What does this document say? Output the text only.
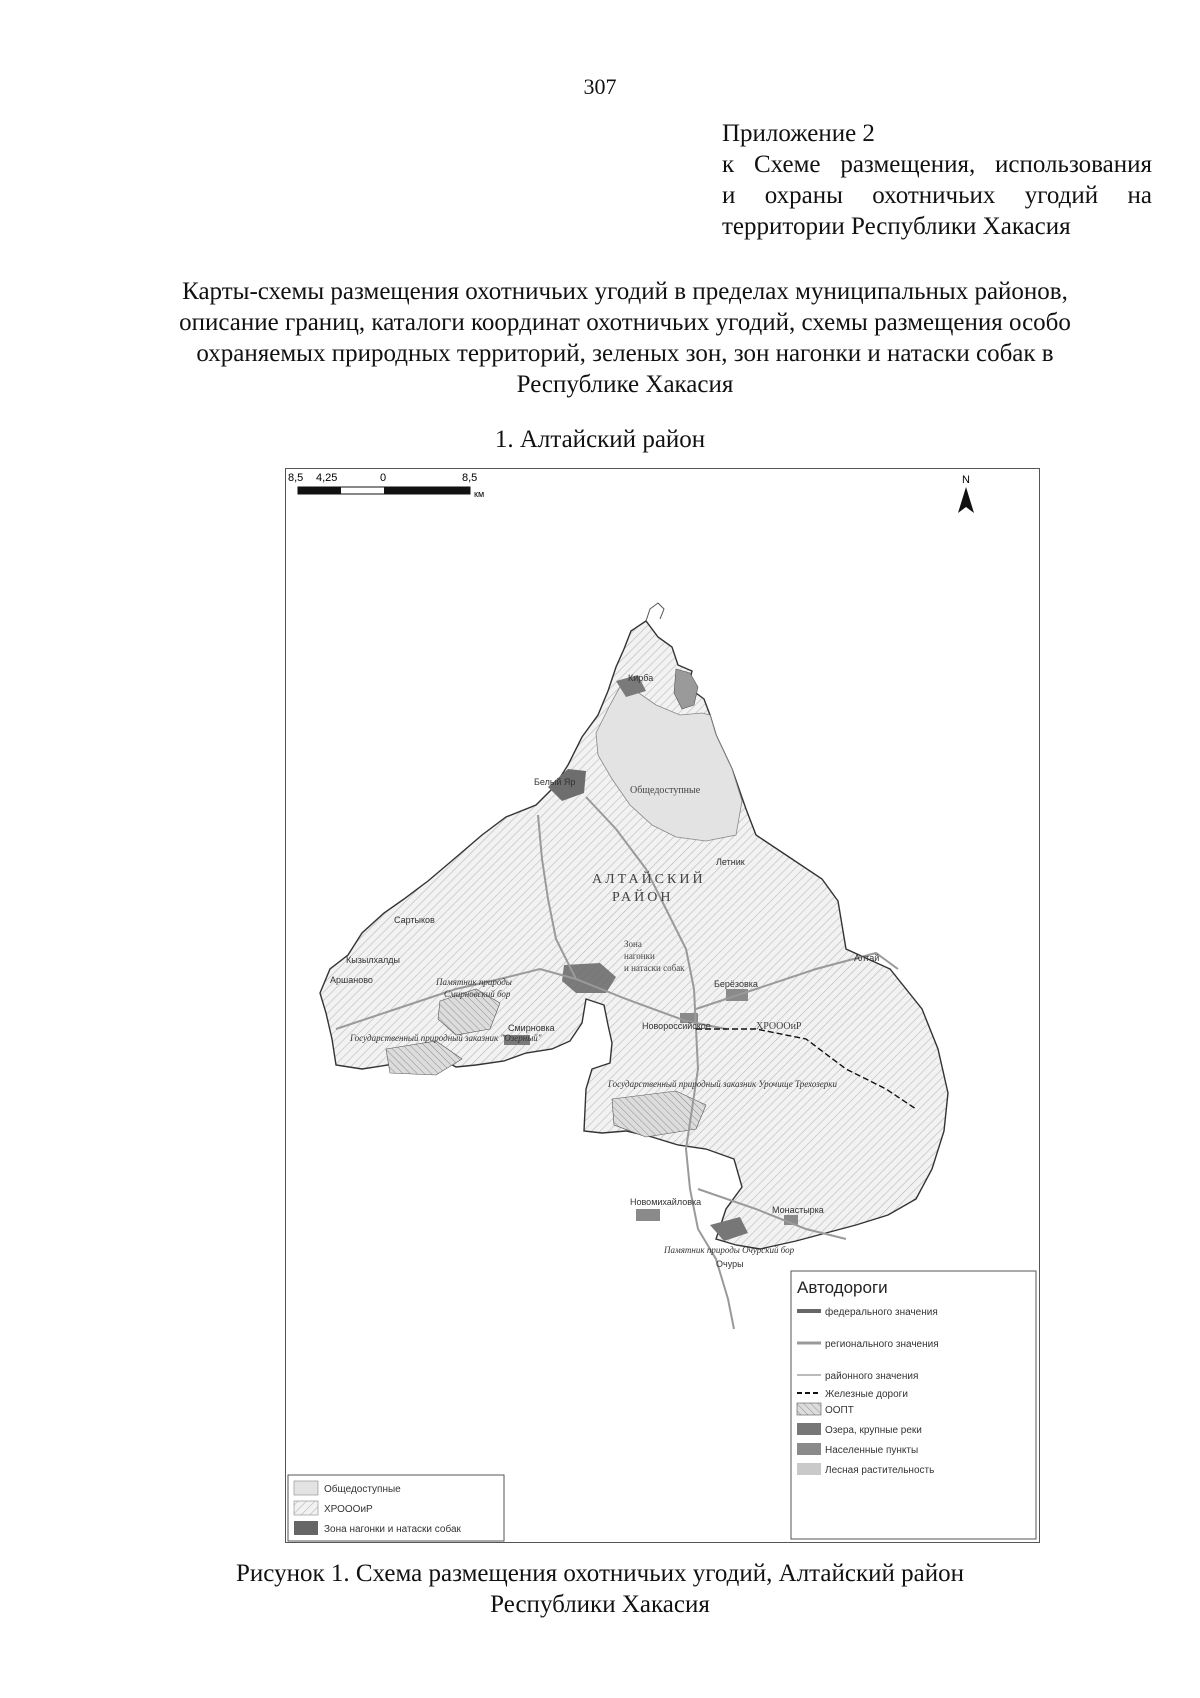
307
Приложение 2
к Схеме размещения, использования
и охраны охотничьих угодий на
территории Республики Хакасия
Карты-схемы размещения охотничьих угодий в пределах муниципальных районов,
описание границ, каталоги координат охотничьих угодий, схемы размещения особо
охраняемых природных территорий, зеленых зон, зон нагонки и натаски собак в
Республике Хакасия
1. Алтайский район
8,5 4,25	0	8,5
км
N
АЛТАЙСКИЙ
РАЙОН
Общедоступные
ХРОООиР
Зона
нагонки
и натаски собак
Сартыков
Кызылхалды
Аршаново
Летник
Алтай
Берёзовка
Новороссийское
Смирновка
Новомихайловка
Монастырка
Белый Яр
Кирба
Очуры
Памятник природы
Смирновский бор
Государственный природный заказник "Озерный"
Государственный природный заказник Урочище Трехозерки
Памятник природы Очурский бор
Автодороги
федерального значения
регионального значения
районного значения
Железные дороги
ООПТ
Озера, крупные реки
Населенные пункты
Лесная растительность
Общедоступные
ХРОООиР
Зона нагонки и натаски собак
Рисунок 1. Схема размещения охотничьих угодий, Алтайский район
Республики Хакасия
